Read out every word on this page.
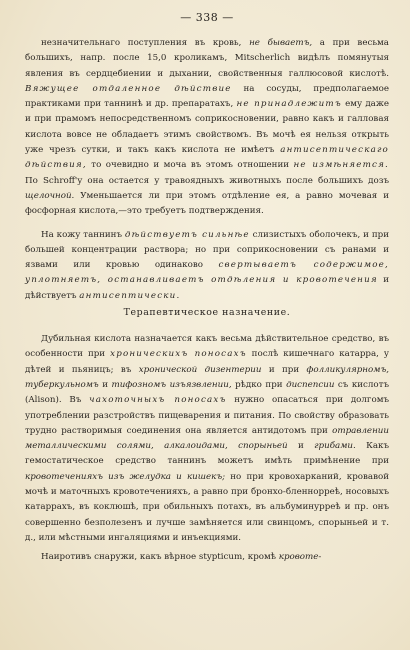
— 338 —

незначительнаго поступления въ кровь, не бываетъ, а при весьма большихъ, напр. после 15,0 кроликамъ, Mitscherlich видѣлъ помянутыя явления въ сердцебиении и дыхании, свойственныя галлюсовой кислотѣ. Вяжущее отдаленное дѣйствие на сосуды, предполагаемое практиками при таннинѣ и др. препаратахъ, не принадлежитъ ему даже и при прамомъ непосредственномъ соприкосновении, равно какъ и галловая кислота вовсе не обладаетъ этимъ свойствомъ. Въ мочѣ ея нельзя открыть уже чрезъ сутки, и такъ какъ кислота не имѣетъ антисептическаго дѣйствия, то очевидно и моча въ этомъ отношении не измѣняется. По Schroff'y она остается у травоядныхъ животныхъ после большихъ дозъ щелочной. Уменьшается ли при этомъ отдѣление ея, а равно мочевая и фосфорная кислота,—это требуетъ подтверждения.

На кожу таннинъ дѣйствуетъ сильнѣе слизистыхъ оболочекъ, и при большей концентрации раствора; но при соприкосновении съ ранами и язвами или кровью одинаково свертываетъ содержимое, уплотняетъ, останавливаетъ отдѣления и кровотечения и дѣйствуетъ антисептически.

Терапевтическое назначение.

Дубильная кислота назначается какъ весьма дѣйствительное средство, въ особенности при хроническихъ поносахъ послѣ кишечнаго катарра, у дѣтей и пьяницъ; въ хронической дизентерии и при фолликулярномъ, туберкульномъ и тифозномъ изъязвлении, рѣдко при диспепсии съ кислотъ (Alison). Въ чахоточныхъ поносахъ нужно опасаться при долгомъ употреблении разстройствъ пищеварения и питания. По свойству образовать трудно растворимыя соединения она является антидотомъ при отравлении металлическими солями, алкалоидами, спорыньей и грибами. Какъ гемостатическое средство таннинъ можетъ имѣть примѣнение при кровотеченияхъ изъ желудка и кишекъ; но при кровохарканий, кровавой мочѣ и маточныхъ кровотеченияхъ, а равно при бронхо-бленнорреѣ, носовыхъ катаррахъ, въ коклюшѣ, при обильныхъ потахъ, въ альбуминурреѣ и пр. онъ совершенно безполезенъ и лучше замѣняется или свинцомъ, спорыньей и т. д., или мѣстными ингаляциями и инъекциями.

Наиротивъ снаружи, какъ вѣрное stypticum, кромѣ кровоте-
